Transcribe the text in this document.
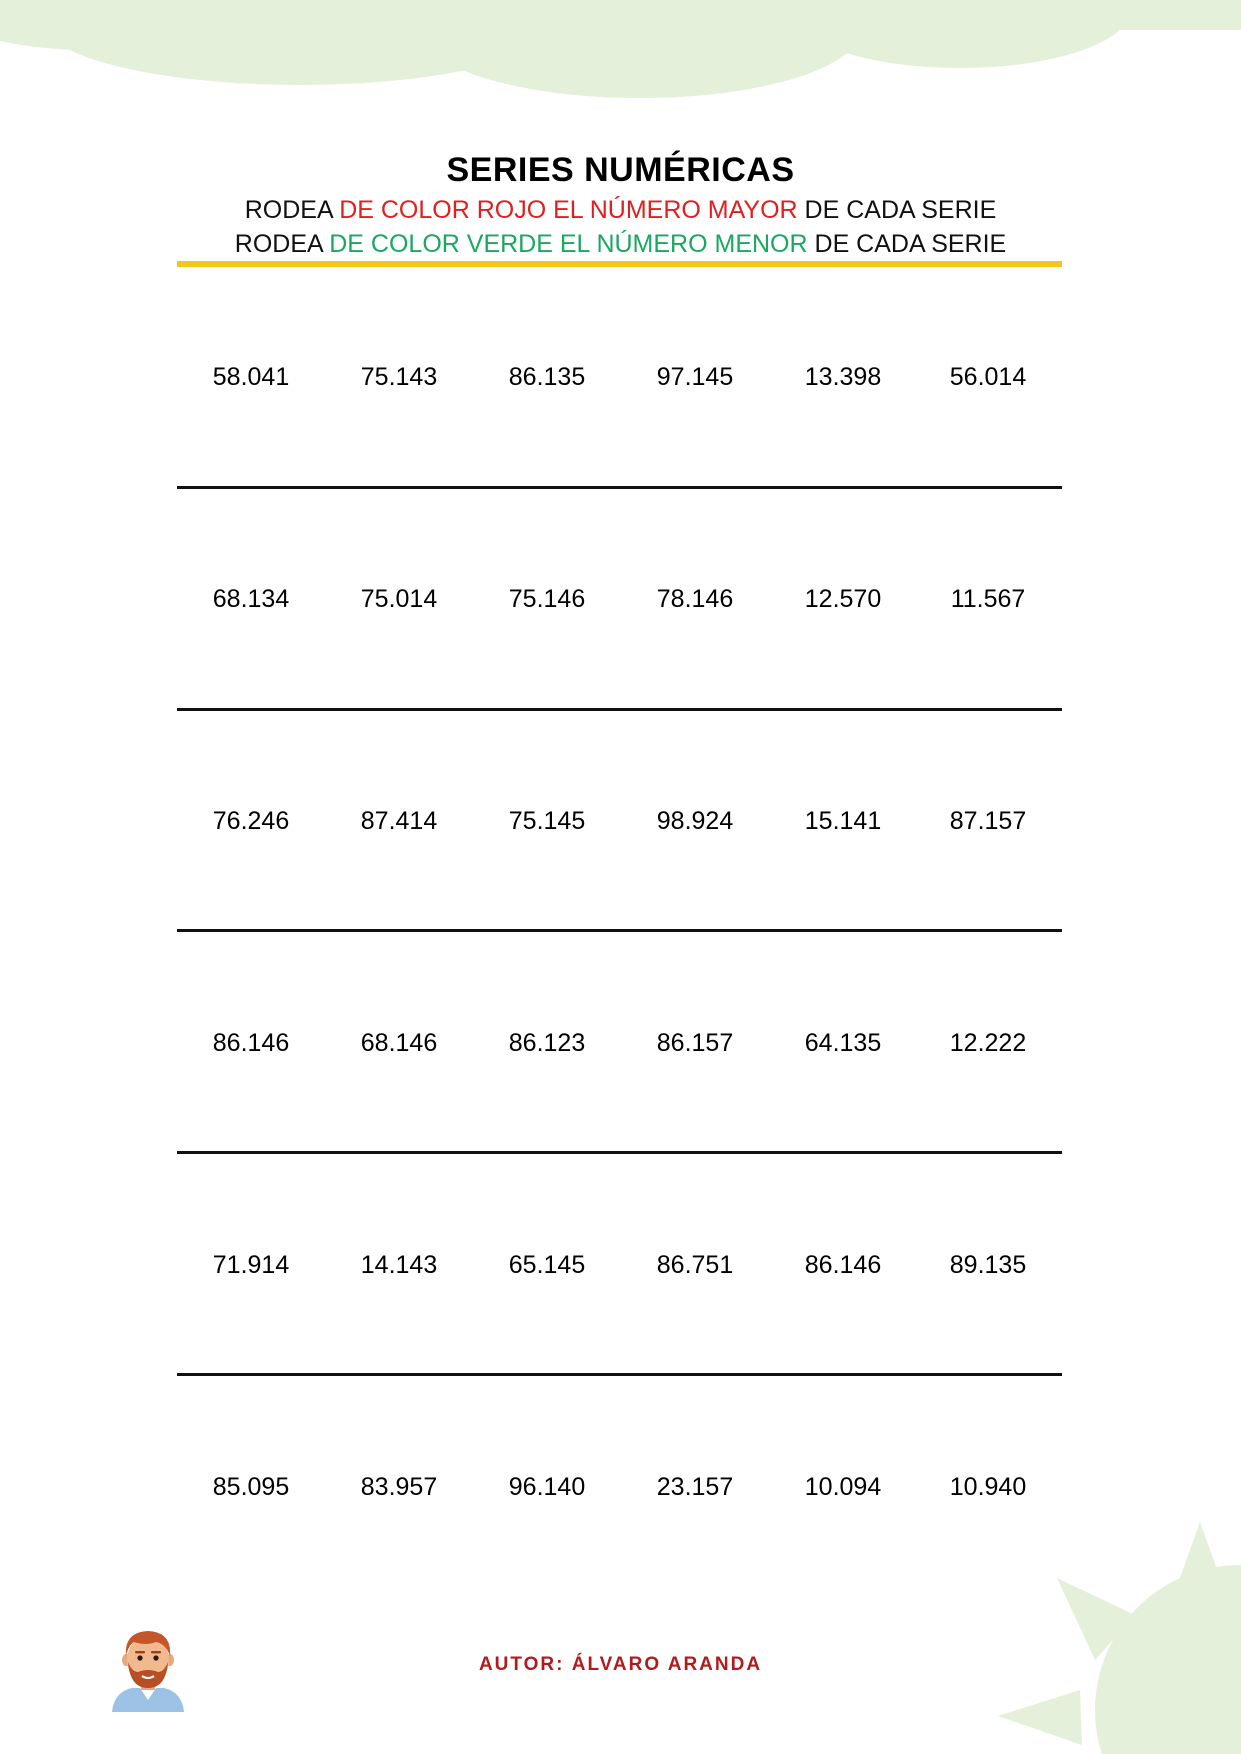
SERIES NUMÉRICAS
RODEA DE COLOR ROJO EL NÚMERO MAYOR DE CADA SERIE
RODEA DE COLOR VERDE EL NÚMERO MENOR DE CADA SERIE
58.041	75.143	86.135	97.145	13.398	56.014
68.134	75.014	75.146	78.146	12.570	11.567
76.246	87.414	75.145	98.924	15.141	87.157
86.146	68.146	86.123	86.157	64.135	12.222
71.914	14.143	65.145	86.751	86.146	89.135
85.095	83.957	96.140	23.157	10.094	10.940
AUTOR: ÁLVARO ARANDA
